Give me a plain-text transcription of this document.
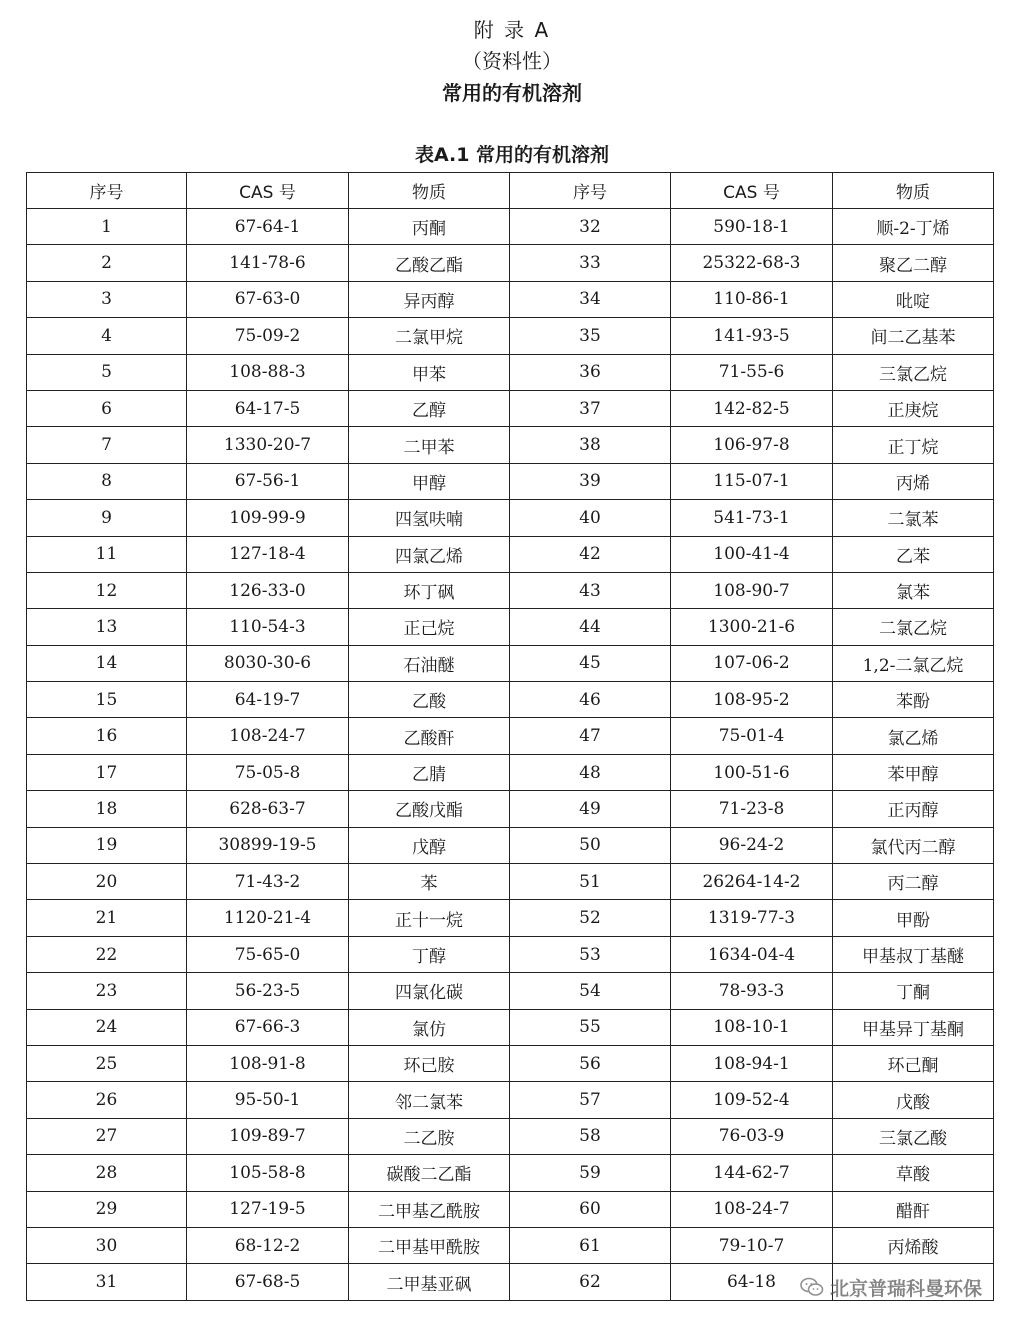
附 录 A
（资料性）
常用的有机溶剂
表A.1 常用的有机溶剂
序号	CAS 号	物质	序号	CAS 号	物质
1	67-64-1	丙酮	32	590-18-1	顺-2-丁烯
2	141-78-6	乙酸乙酯	33	25322-68-3	聚乙二醇
3	67-63-0	异丙醇	34	110-86-1	吡啶
4	75-09-2	二氯甲烷	35	141-93-5	间二乙基苯
5	108-88-3	甲苯	36	71-55-6	三氯乙烷
6	64-17-5	乙醇	37	142-82-5	正庚烷
7	1330-20-7	二甲苯	38	106-97-8	正丁烷
8	67-56-1	甲醇	39	115-07-1	丙烯
9	109-99-9	四氢呋喃	40	541-73-1	二氯苯
11	127-18-4	四氯乙烯	42	100-41-4	乙苯
12	126-33-0	环丁砜	43	108-90-7	氯苯
13	110-54-3	正己烷	44	1300-21-6	二氯乙烷
14	8030-30-6	石油醚	45	107-06-2	1,2-二氯乙烷
15	64-19-7	乙酸	46	108-95-2	苯酚
16	108-24-7	乙酸酐	47	75-01-4	氯乙烯
17	75-05-8	乙腈	48	100-51-6	苯甲醇
18	628-63-7	乙酸戊酯	49	71-23-8	正丙醇
19	30899-19-5	戊醇	50	96-24-2	氯代丙二醇
20	71-43-2	苯	51	26264-14-2	丙二醇
21	1120-21-4	正十一烷	52	1319-77-3	甲酚
22	75-65-0	丁醇	53	1634-04-4	甲基叔丁基醚
23	56-23-5	四氯化碳	54	78-93-3	丁酮
24	67-66-3	氯仿	55	108-10-1	甲基异丁基酮
25	108-91-8	环己胺	56	108-94-1	环己酮
26	95-50-1	邻二氯苯	57	109-52-4	戊酸
27	109-89-7	二乙胺	58	76-03-9	三氯乙酸
28	105-58-8	碳酸二乙酯	59	144-62-7	草酸
29	127-19-5	二甲基乙酰胺	60	108-24-7	醋酐
30	68-12-2	二甲基甲酰胺	61	79-10-7	丙烯酸
31	67-68-5	二甲基亚砜	62	64-18		北京普瑞科曼环保
